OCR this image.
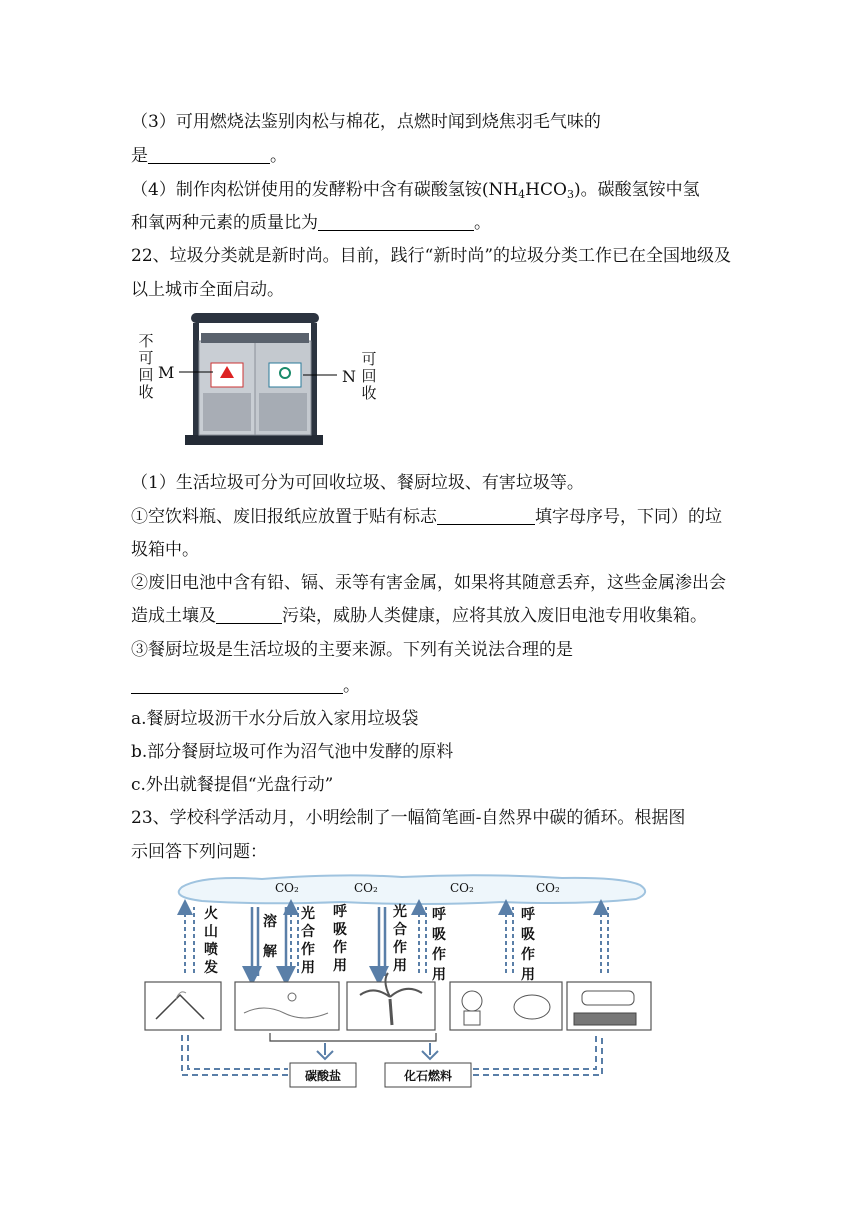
（3）可用燃烧法鉴别肉松与棉花，点燃时闻到烧焦羽毛气味的
是	。
（4）制作肉松饼使用的发酵粉中含有碳酸氢铵$(NH_4HCO_3)$。碳酸氢铵中氢
和氧两种元素的质量比为	。
22、垃圾分类就是新时尚。目前，践行“新时尚”的垃圾分类工作已在全国地级及
以上城市全面启动。
不
可
回
收
M	N
可
回
收
（1）生活垃圾可分为可回收垃圾、餐厨垃圾、有害垃圾等。
①空饮料瓶、废旧报纸应放置于贴有标志	填字母序号，下同）的垃
圾箱中。
②废旧电池中含有铅、镉、汞等有害金属，如果将其随意丢弃，这些金属渗出会
造成土壤及	污染，威胁人类健康，应将其放入废旧电池专用收集箱。
③餐厨垃圾是生活垃圾的主要来源。下列有关说法合理的是
。
a.餐厨垃圾沥干水分后放入家用垃圾袋
b.部分餐厨垃圾可作为沼气池中发酵的原料
c.外出就餐提倡“光盘行动”
23、学校科学活动月，小明绘制了一幅简笔画-自然界中碳的循环。根据图
示回答下列问题：
CO₂	CO₂	CO₂	CO₂
火
山
喷
发
溶
解
光
合
作
用
呼
吸
作
用
光
合
作
用
呼
吸
作
用
呼
吸
作
用
碳酸盐	化石燃料
